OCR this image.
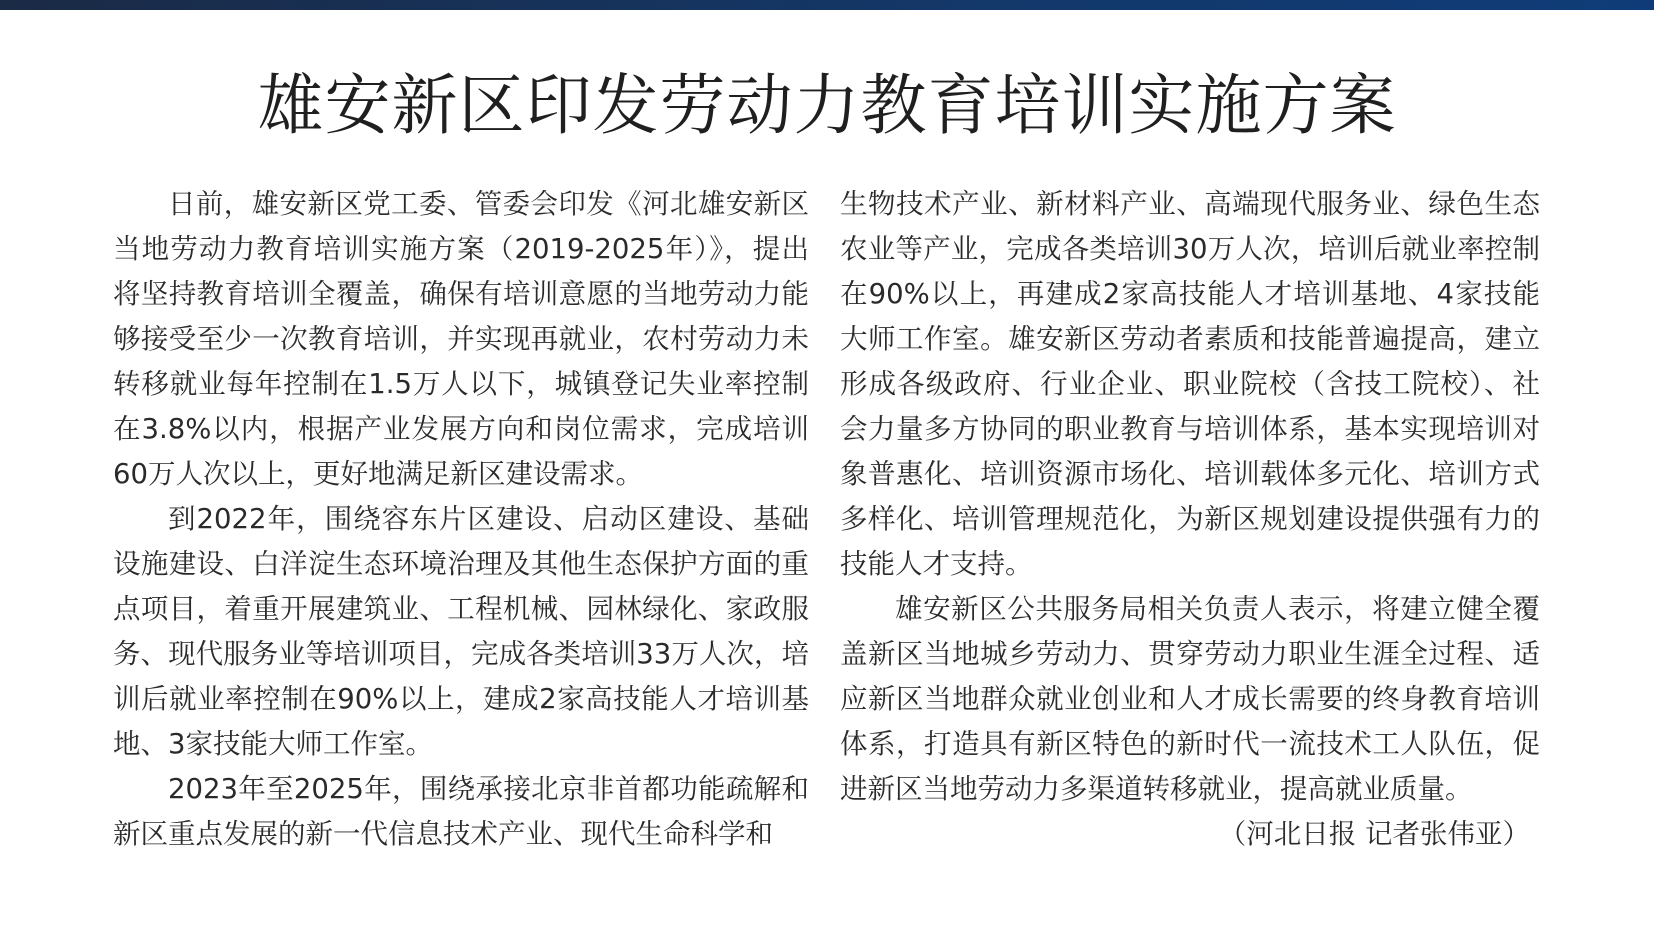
雄安新区印发劳动力教育培训实施方案

日前，雄安新区党工委、管委会印发《河北雄安新区当地劳动力教育培训实施方案（2019-2025年）》，提出将坚持教育培训全覆盖，确保有培训意愿的当地劳动力能够接受至少一次教育培训，并实现再就业，农村劳动力未转移就业每年控制在1.5万人以下，城镇登记失业率控制在3.8%以内，根据产业发展方向和岗位需求，完成培训60万人次以上，更好地满足新区建设需求。

到2022年，围绕容东片区建设、启动区建设、基础设施建设、白洋淀生态环境治理及其他生态保护方面的重点项目，着重开展建筑业、工程机械、园林绿化、家政服务、现代服务业等培训项目，完成各类培训33万人次，培训后就业率控制在90%以上，建成2家高技能人才培训基地、3家技能大师工作室。

2023年至2025年，围绕承接北京非首都功能疏解和新区重点发展的新一代信息技术产业、现代生命科学和

生物技术产业、新材料产业、高端现代服务业、绿色生态农业等产业，完成各类培训30万人次，培训后就业率控制在90%以上，再建成2家高技能人才培训基地、4家技能大师工作室。雄安新区劳动者素质和技能普遍提高，建立形成各级政府、行业企业、职业院校（含技工院校）、社会力量多方协同的职业教育与培训体系，基本实现培训对象普惠化、培训资源市场化、培训载体多元化、培训方式多样化、培训管理规范化，为新区规划建设提供强有力的技能人才支持。

雄安新区公共服务局相关负责人表示，将建立健全覆盖新区当地城乡劳动力、贯穿劳动力职业生涯全过程、适应新区当地群众就业创业和人才成长需要的终身教育培训体系，打造具有新区特色的新时代一流技术工人队伍，促进新区当地劳动力多渠道转移就业，提高就业质量。
（河北日报 记者张伟亚）
